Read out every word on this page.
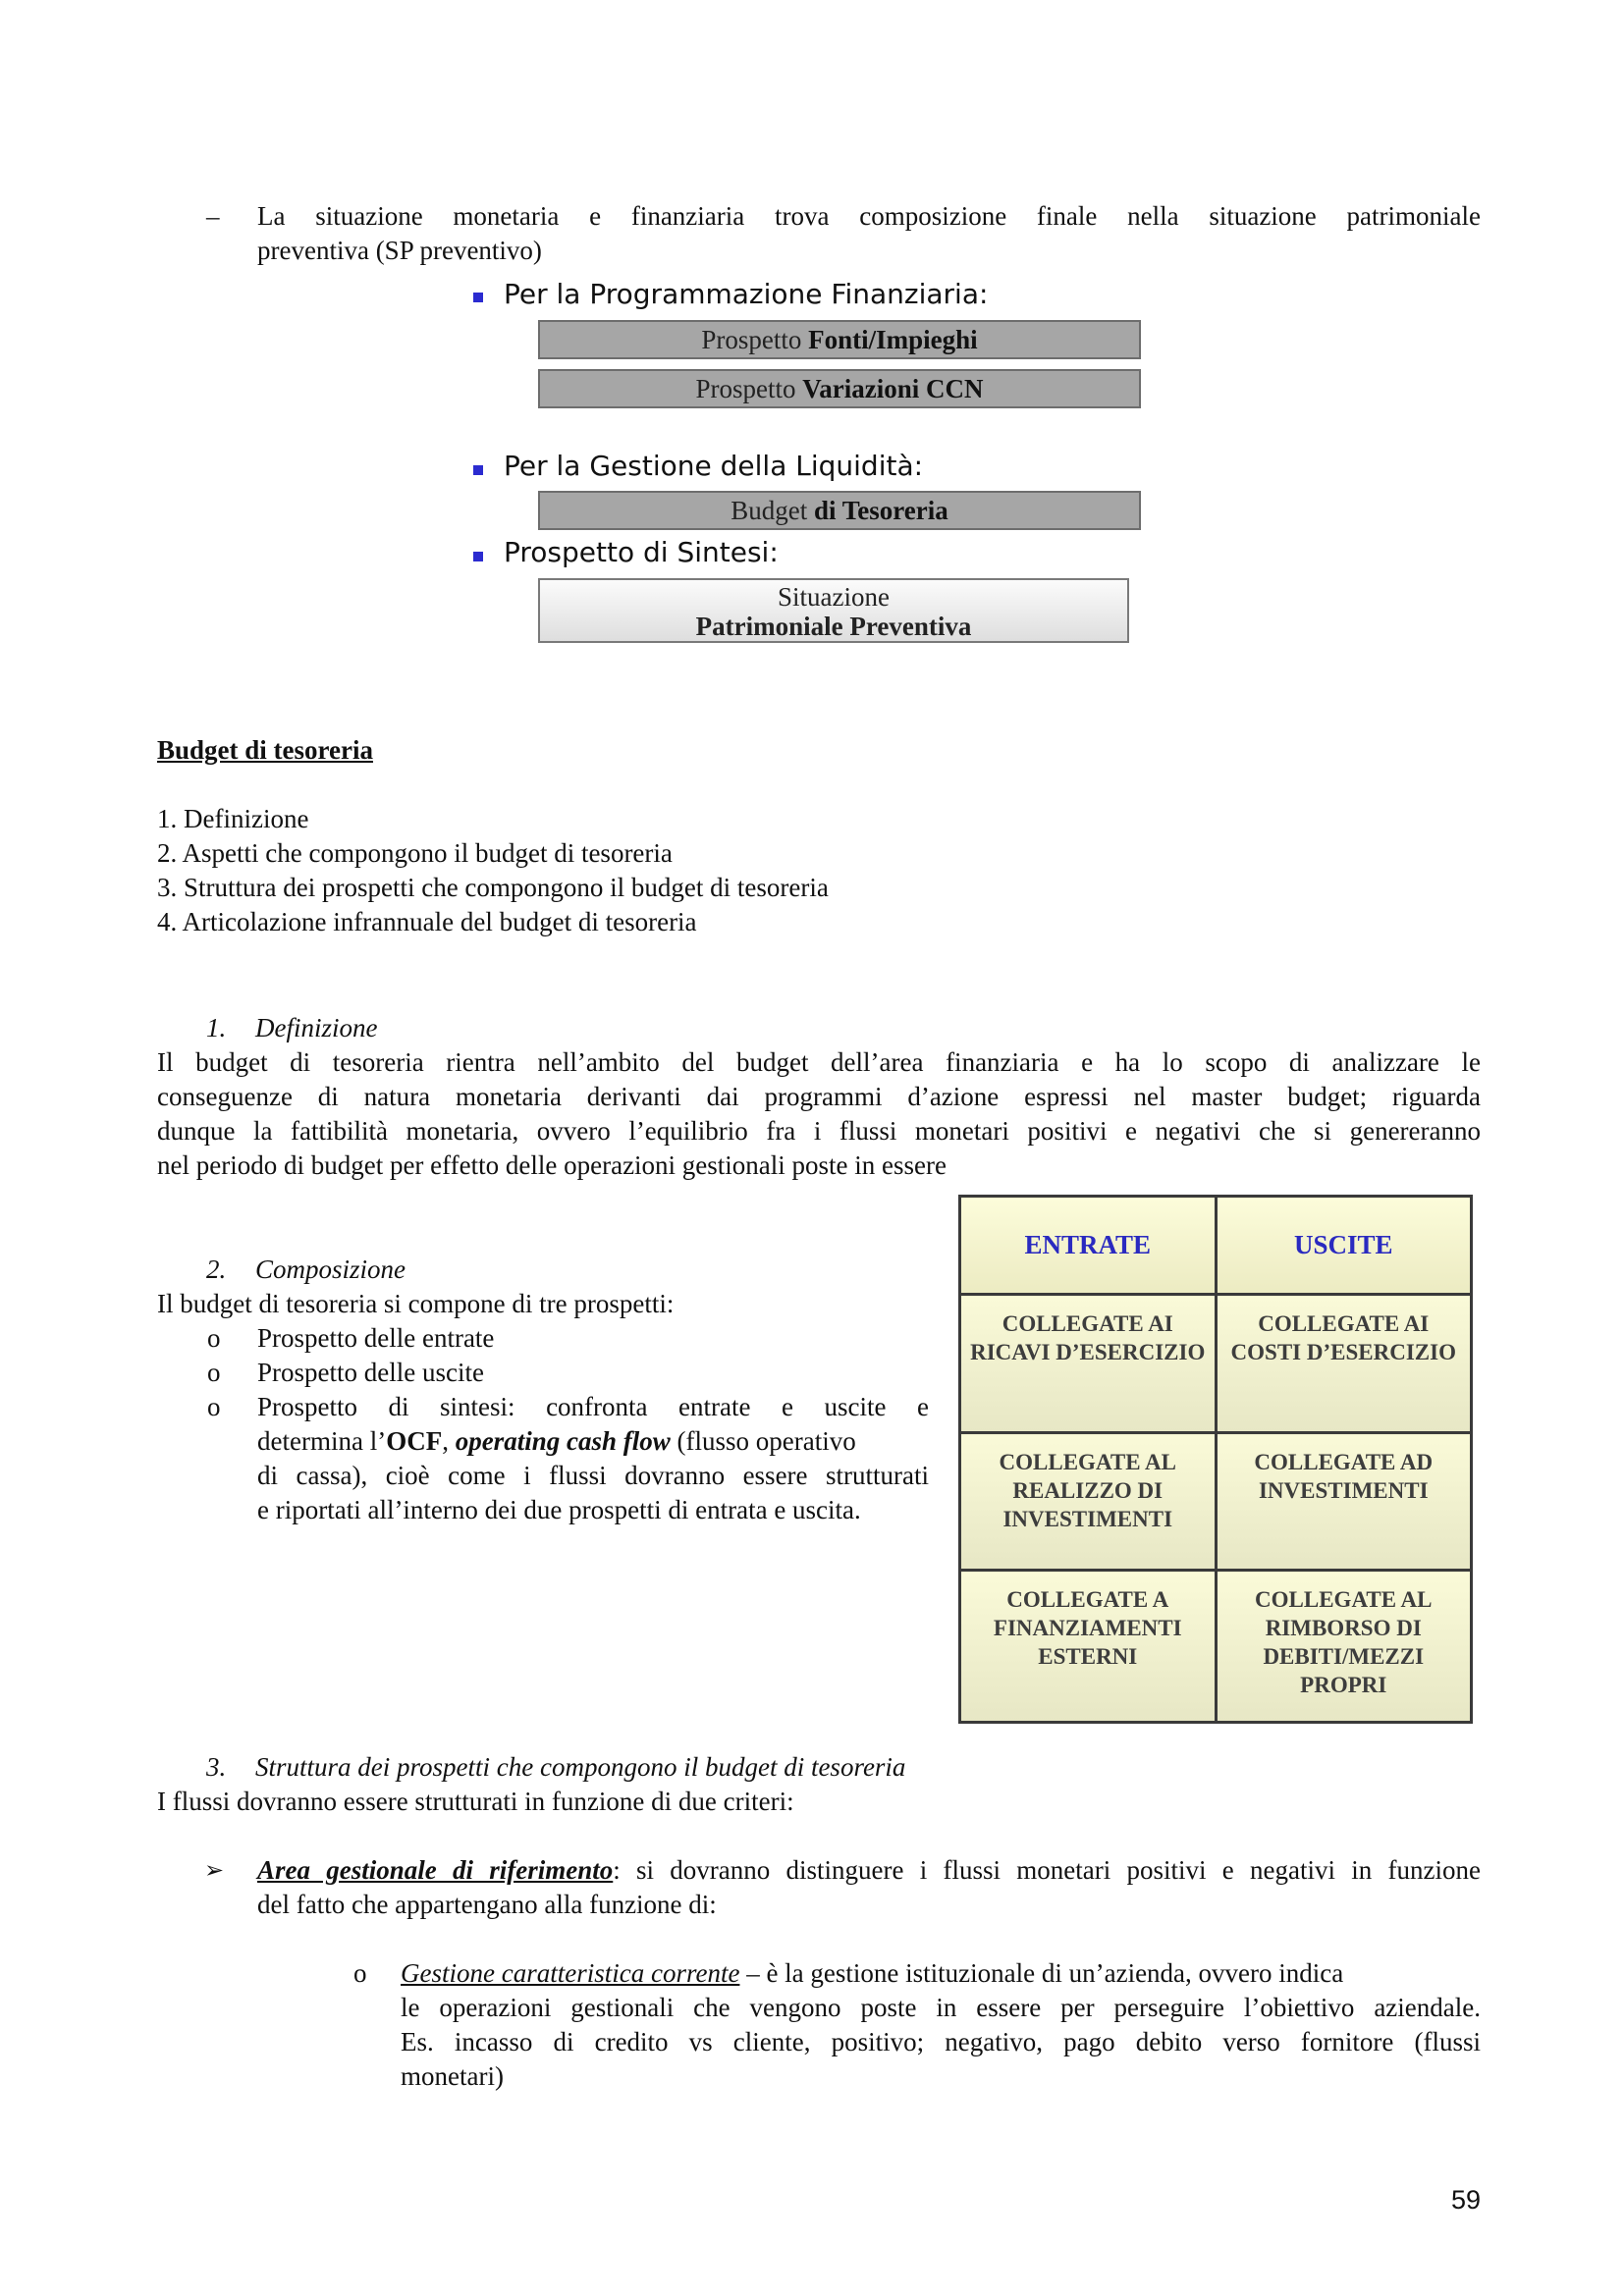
– La situazione monetaria e finanziaria trova composizione finale nella situazione patrimoniale
preventiva (SP preventivo)
Per la Programmazione Finanziaria:
Prospetto Fonti/Impieghi
Prospetto Variazioni CCN
Per la Gestione della Liquidità:
Budget di Tesoreria
Prospetto di Sintesi:
Situazione
Patrimoniale Preventiva
Budget di tesoreria
1. Definizione
2. Aspetti che compongono il budget di tesoreria
3. Struttura dei prospetti che compongono il budget di tesoreria
4. Articolazione infrannuale del budget di tesoreria
1. Definizione
Il budget di tesoreria rientra nell’ambito del budget dell’area finanziaria e ha lo scopo di analizzare le
conseguenze di natura monetaria derivanti dai programmi d’azione espressi nel master budget; riguarda
dunque la fattibilità monetaria, ovvero l’equilibrio fra i flussi monetari positivi e negativi che si genereranno
nel periodo di budget per effetto delle operazioni gestionali poste in essere
2. Composizione
Il budget di tesoreria si compone di tre prospetti:
o Prospetto delle entrate
o Prospetto delle uscite
o Prospetto di sintesi: confronta entrate e uscite e
determina l’OCF, operating cash flow (flusso operativo
di cassa), cioè come i flussi dovranno essere strutturati
e riportati all’interno dei due prospetti di entrata e uscita.
ENTRATE	USCITE
COLLEGATE AI RICAVI D’ESERCIZIO	COLLEGATE AI COSTI D’ESERCIZIO
COLLEGATE AL REALIZZO DI INVESTIMENTI	COLLEGATE AD INVESTIMENTI
COLLEGATE A FINANZIAMENTI ESTERNI	COLLEGATE AL RIMBORSO DI DEBITI/MEZZI PROPRI
3. Struttura dei prospetti che compongono il budget di tesoreria
I flussi dovranno essere strutturati in funzione di due criteri:
➢ Area gestionale di riferimento: si dovranno distinguere i flussi monetari positivi e negativi in funzione
del fatto che appartengano alla funzione di:
o Gestione caratteristica corrente – è la gestione istituzionale di un’azienda, ovvero indica
le operazioni gestionali che vengono poste in essere per perseguire l’obiettivo aziendale.
Es. incasso di credito vs cliente, positivo; negativo, pago debito verso fornitore (flussi
monetari)
59
